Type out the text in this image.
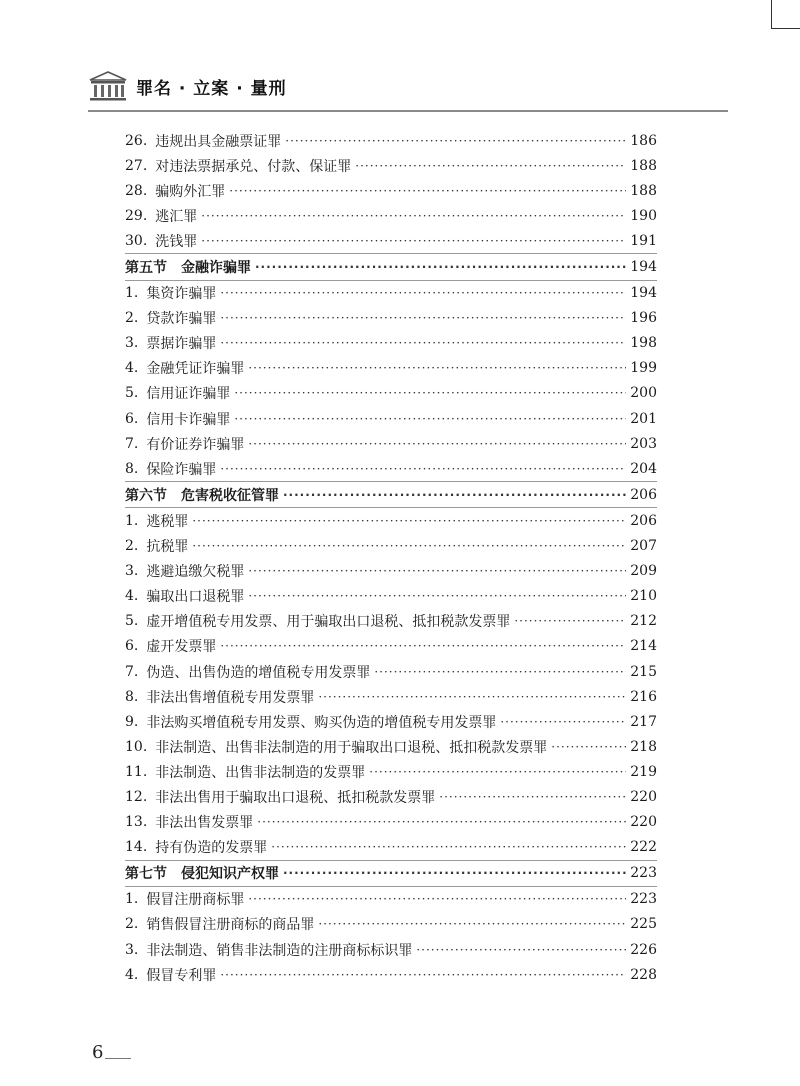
罪名 · 立案 · 量刑
26. 违规出具金融票证罪 ·····	186
27. 对违法票据承兑、付款、保证罪 ·····	188
28. 骗购外汇罪 ·····	188
29. 逃汇罪 ·····	190
30. 洗钱罪 ·····	191
第五节 金融诈骗罪 ·····	194
1. 集资诈骗罪 ·····	194
2. 贷款诈骗罪 ·····	196
3. 票据诈骗罪 ·····	198
4. 金融凭证诈骗罪 ·····	199
5. 信用证诈骗罪 ·····	200
6. 信用卡诈骗罪 ·····	201
7. 有价证券诈骗罪 ·····	203
8. 保险诈骗罪 ·····	204
第六节 危害税收征管罪 ·····	206
1. 逃税罪 ·····	206
2. 抗税罪 ·····	207
3. 逃避追缴欠税罪 ·····	209
4. 骗取出口退税罪 ·····	210
5. 虚开增值税专用发票、用于骗取出口退税、抵扣税款发票罪 ·····	212
6. 虚开发票罪 ·····	214
7. 伪造、出售伪造的增值税专用发票罪 ·····	215
8. 非法出售增值税专用发票罪 ·····	216
9. 非法购买增值税专用发票、购买伪造的增值税专用发票罪 ·····	217
10. 非法制造、出售非法制造的用于骗取出口退税、抵扣税款发票罪 ·····	218
11. 非法制造、出售非法制造的发票罪 ·····	219
12. 非法出售用于骗取出口退税、抵扣税款发票罪 ·····	220
13. 非法出售发票罪 ·····	220
14. 持有伪造的发票罪 ·····	222
第七节 侵犯知识产权罪 ·····	223
1. 假冒注册商标罪 ·····	223
2. 销售假冒注册商标的商品罪 ·····	225
3. 非法制造、销售非法制造的注册商标标识罪 ·····	226
4. 假冒专利罪 ·····	228
6
